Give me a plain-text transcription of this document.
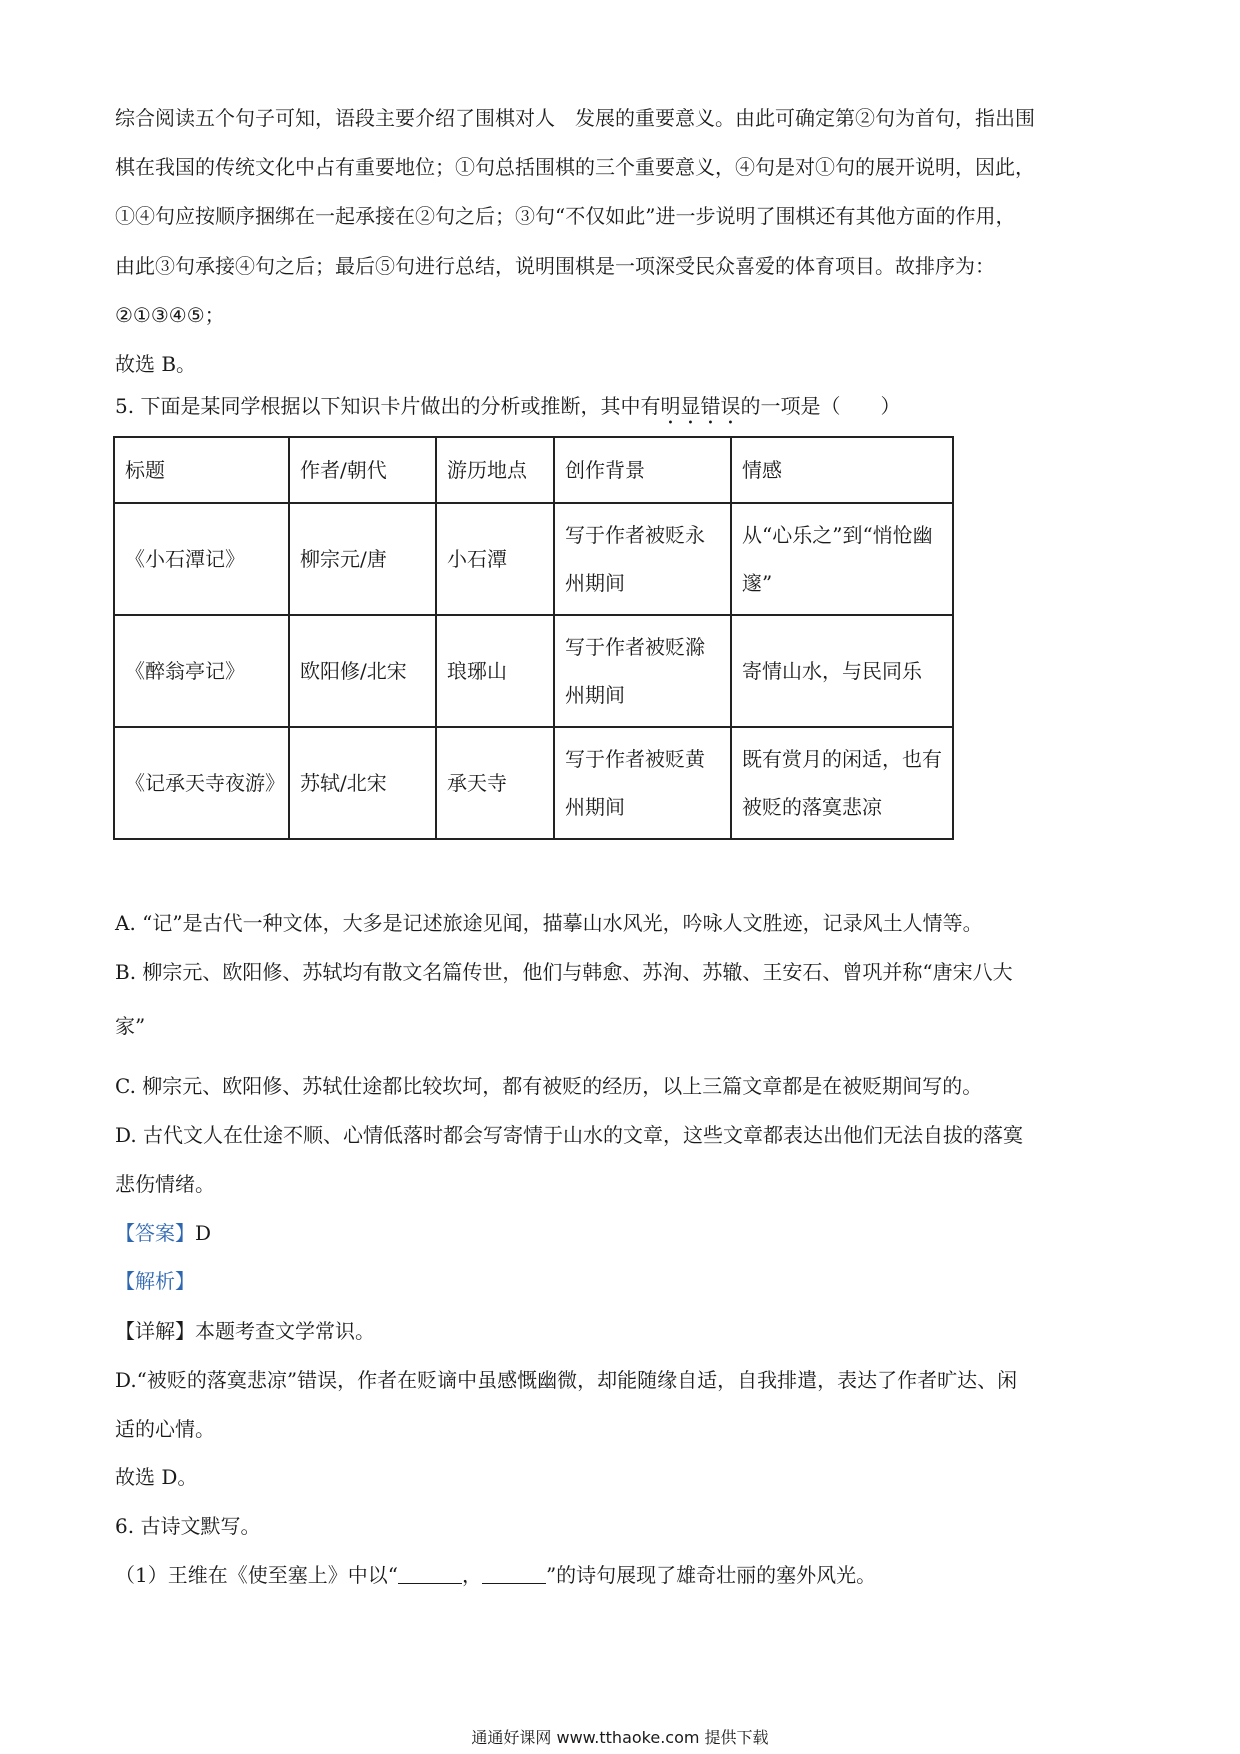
综合阅读五个句子可知，语段主要介绍了围棋对人　发展的重要意义。由此可确定第②句为首句，指出围
棋在我国的传统文化中占有重要地位；①句总括围棋的三个重要意义，④句是对①句的展开说明，因此，
①④句应按顺序捆绑在一起承接在②句之后；③句“不仅如此”进一步说明了围棋还有其他方面的作用，
由此③句承接④句之后；最后⑤句进行总结，说明围棋是一项深受民众喜爱的体育项目。故排序为：
②①③④⑤；
故选 B。
5. 下面是某同学根据以下知识卡片做出的分析或推断，其中有明显错误的一项是（　　）
标题	作者/朝代	游历地点	创作背景	情感
《小石潭记》	柳宗元/唐	小石潭	写于作者被贬永州期间	从“心乐之”到“悄怆幽邃”
《醉翁亭记》	欧阳修/北宋	琅琊山	写于作者被贬滁州期间	寄情山水，与民同乐
《记承天寺夜游》	苏轼/北宋	承天寺	写于作者被贬黄州期间	既有赏月的闲适，也有被贬的落寞悲凉
A. “记”是古代一种文体，大多是记述旅途见闻，描摹山水风光，吟咏人文胜迹，记录风土人情等。
B. 柳宗元、欧阳修、苏轼均有散文名篇传世，他们与韩愈、苏洵、苏辙、王安石、曾巩并称“唐宋八大
家”
C. 柳宗元、欧阳修、苏轼仕途都比较坎坷，都有被贬的经历，以上三篇文章都是在被贬期间写的。
D. 古代文人在仕途不顺、心情低落时都会写寄情于山水的文章，这些文章都表达出他们无法自拔的落寞
悲伤情绪。
【答案】D
【解析】
【详解】本题考查文学常识。
D.“被贬的落寞悲凉”错误，作者在贬谪中虽感慨幽微，却能随缘自适，自我排遣，表达了作者旷达、闲
适的心情。
故选 D。
6. 古诗文默写。
（1）王维在《使至塞上》中以“	，	”的诗句展现了雄奇壮丽的塞外风光。
通通好课网 www.tthaoke.com 提供下载
